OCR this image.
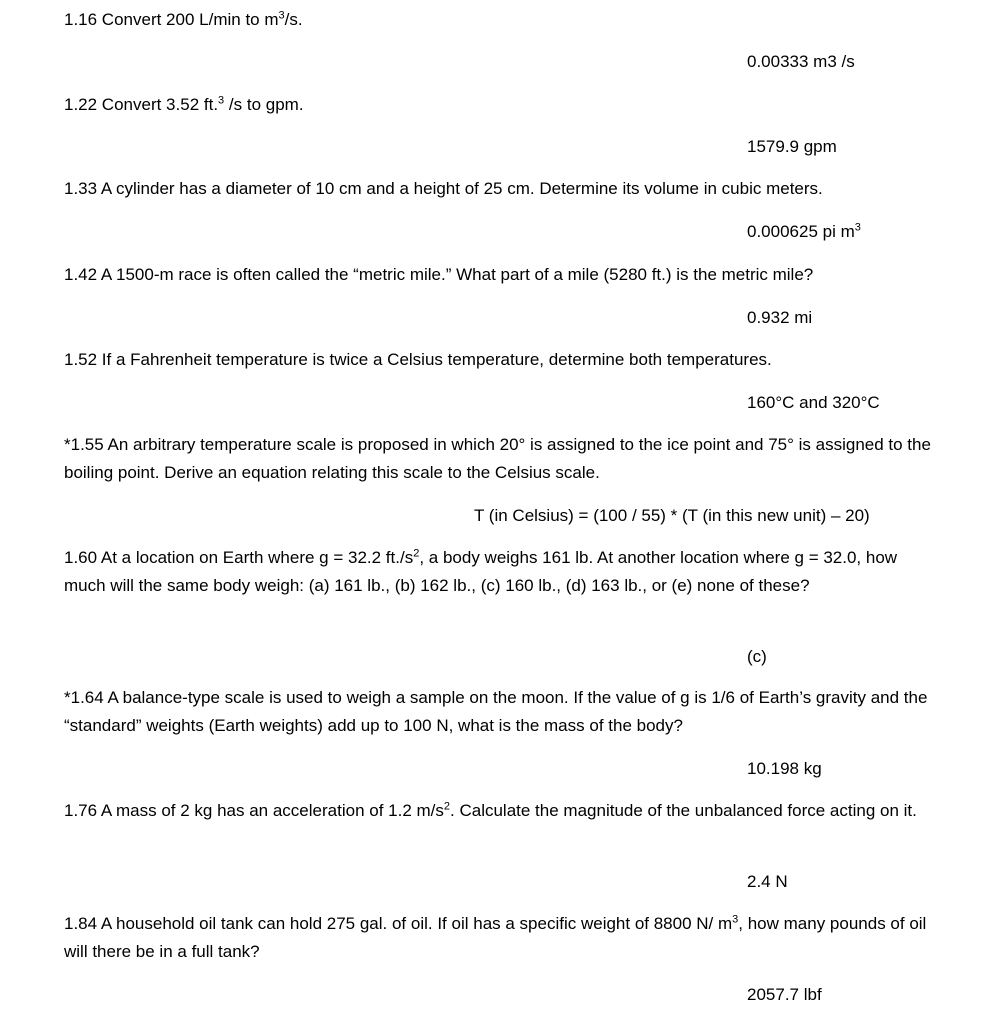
1.16 Convert 200 L/min to $m^3/s$.

0.00333 m3 /s

1.22 Convert 3.52 ft.$^3$ /s to gpm.

1579.9 gpm

1.33 A cylinder has a diameter of 10 cm and a height of 25 cm. Determine its volume in cubic meters.

0.000625 pi $m^3$

1.42 A 1500-m race is often called the “metric mile.” What part of a mile (5280 ft.) is the metric mile?

0.932 mi

1.52 If a Fahrenheit temperature is twice a Celsius temperature, determine both temperatures.

160°C and 320°C

*1.55 An arbitrary temperature scale is proposed in which 20° is assigned to the ice point and 75° is assigned to the boiling point. Derive an equation relating this scale to the Celsius scale.

T (in Celsius) = (100 / 55) * (T (in this new unit) – 20)

1.60 At a location on Earth where g = 32.2 $ft./s^2$, a body weighs 161 lb. At another location where g = 32.0, how much will the same body weigh: (a) 161 lb., (b) 162 lb., (c) 160 lb., (d) 163 lb., or (e) none of these?

(c)

*1.64 A balance-type scale is used to weigh a sample on the moon. If the value of g is 1/6 of Earth’s gravity and the “standard” weights (Earth weights) add up to 100 N, what is the mass of the body?

10.198 kg

1.76 A mass of 2 kg has an acceleration of 1.2 $m/s^2$. Calculate the magnitude of the unbalanced force acting on it.

2.4 N

1.84 A household oil tank can hold 275 gal. of oil. If oil has a specific weight of 8800 N/ $m^3$, how many pounds of oil will there be in a full tank?

2057.7 lbf
